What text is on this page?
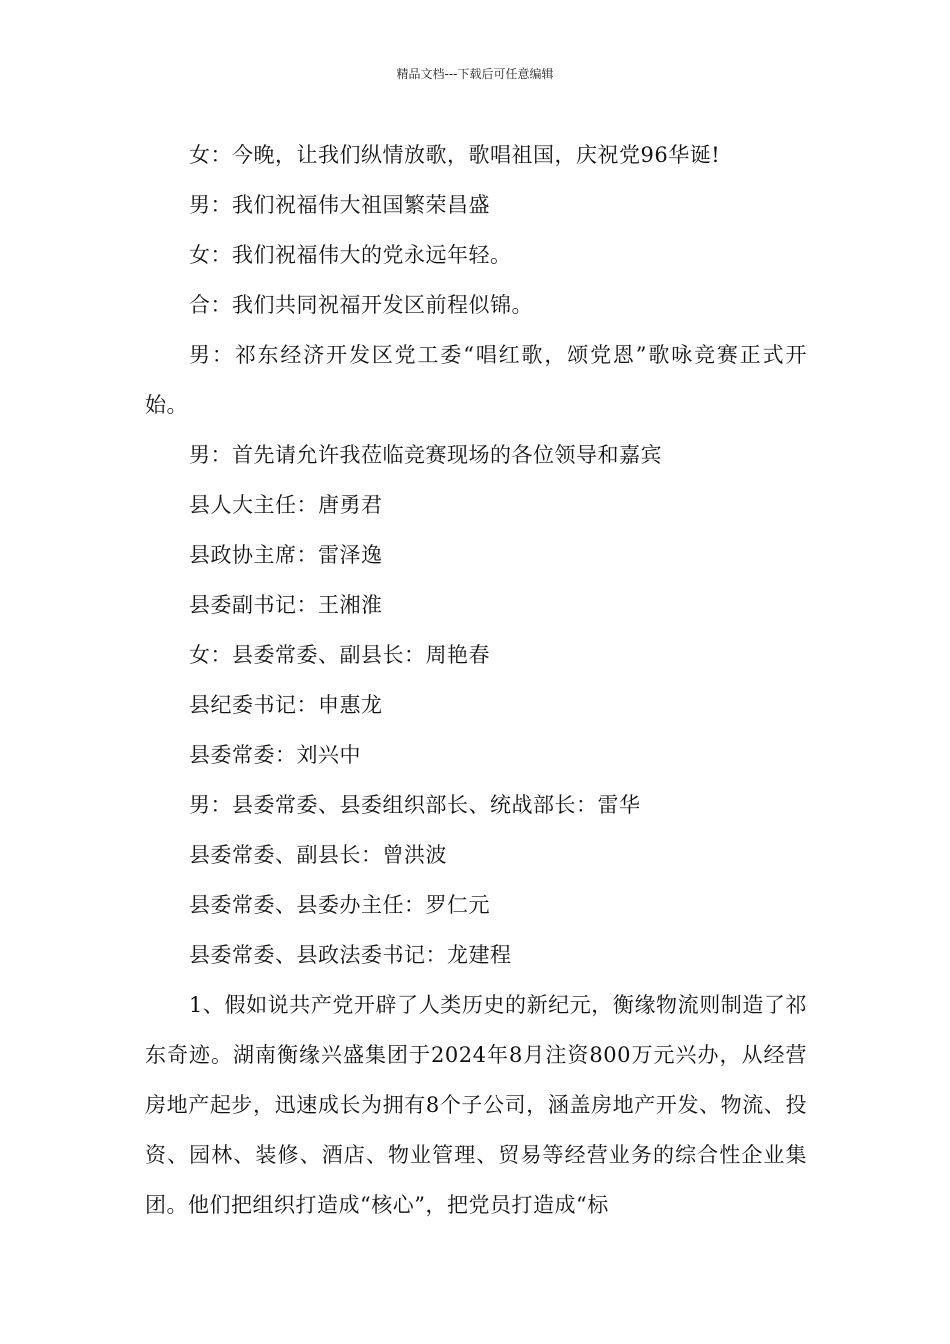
精品文档---下载后可任意编辑

女：今晚，让我们纵情放歌，歌唱祖国，庆祝党96华诞!

男：我们祝福伟大祖国繁荣昌盛

女：我们祝福伟大的党永远年轻。

合：我们共同祝福开发区前程似锦。

男：祁东经济开发区党工委“唱红歌，颂党恩”歌咏竞赛正式开始。

男：首先请允许我莅临竞赛现场的各位领导和嘉宾

县人大主任：唐勇君

县政协主席：雷泽逸

县委副书记：王湘淮

女：县委常委、副县长：周艳春

县纪委书记：申惠龙

县委常委：刘兴中

男：县委常委、县委组织部长、统战部长：雷华

县委常委、副县长：曾洪波

县委常委、县委办主任：罗仁元

县委常委、县政法委书记：龙建程

1、假如说共产党开辟了人类历史的新纪元，衡缘物流则制造了祁东奇迹。湖南衡缘兴盛集团于2024年8月注资800万元兴办，从经营房地产起步，迅速成长为拥有8个子公司，涵盖房地产开发、物流、投资、园林、装修、酒店、物业管理、贸易等经营业务的综合性企业集团。他们把组织打造成“核心”，把党员打造成“标
